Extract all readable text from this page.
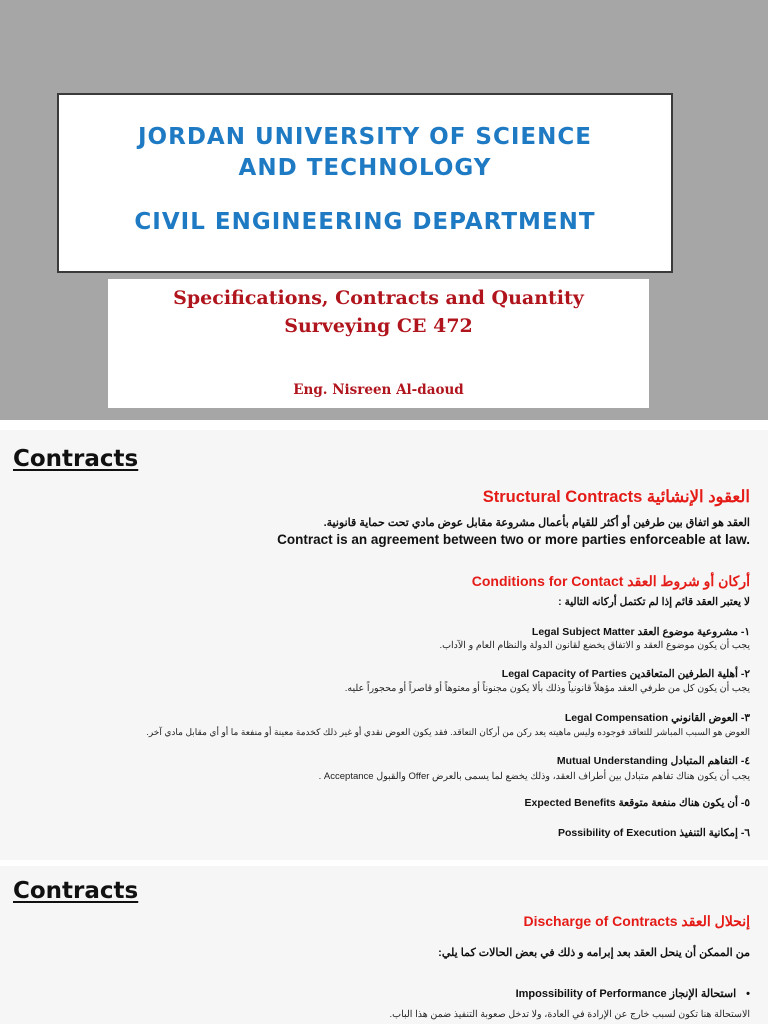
JORDAN UNIVERSITY OF SCIENCE
AND TECHNOLOGY
CIVIL ENGINEERING DEPARTMENT
Specifications, Contracts and Quantity
Surveying CE 472
Eng. Nisreen Al-daoud
Contracts
العقود الإنشائية Structural Contracts
العقد هو اتفاق بين طرفين أو أكثر للقيام بأعمال مشروعة مقابل عوض مادي تحت حماية قانونية.
Contract is an agreement between two or more parties enforceable at law.
أركان أو شروط العقد Conditions for Contact
لا يعتبر العقد قائم إذا لم تكتمل أركانه التالية :
١- مشروعية موضوع العقد Legal Subject Matter
يجب أن يكون موضوع العقد و الاتفاق يخضع لقانون الدولة والنظام العام و الآداب.
٢- أهلية الطرفين المتعاقدين Legal Capacity of Parties
يجب أن يكون كل من طرفي العقد مؤهلاً قانونياً وذلك بألا يكون مجنوناً أو معتوهاً أو قاصراً أو محجوراً عليه.
٣- العوض القانوني Legal Compensation
العوض هو السبب المباشر للتعاقد فوجوده وليس ماهيته يعد ركن من أركان التعاقد. فقد يكون العوض نقدي أو غير ذلك كخدمة معينة أو منفعة ما أو أي مقابل مادي آخر.
٤- التفاهم المتبادل Mutual Understanding
يجب أن يكون هناك تفاهم متبادل بين أطراف العقد، وذلك يخضع لما يسمى بالعرض Offer والقبول Acceptance .
٥- أن يكون هناك منفعة متوقعة Expected Benefits
٦- إمكانية التنفيذ Possibility of Execution
Contracts
إنحلال العقد Discharge of Contracts
من الممكن أن ينحل العقد بعد إبرامه و ذلك في بعض الحالات كما يلي:
•استحالة الإنجاز Impossibility of Performance
الاستحالة هنا تكون لسبب خارج عن الإرادة في العادة، ولا تدخل صعوبة التنفيذ ضمن هذا الباب.
